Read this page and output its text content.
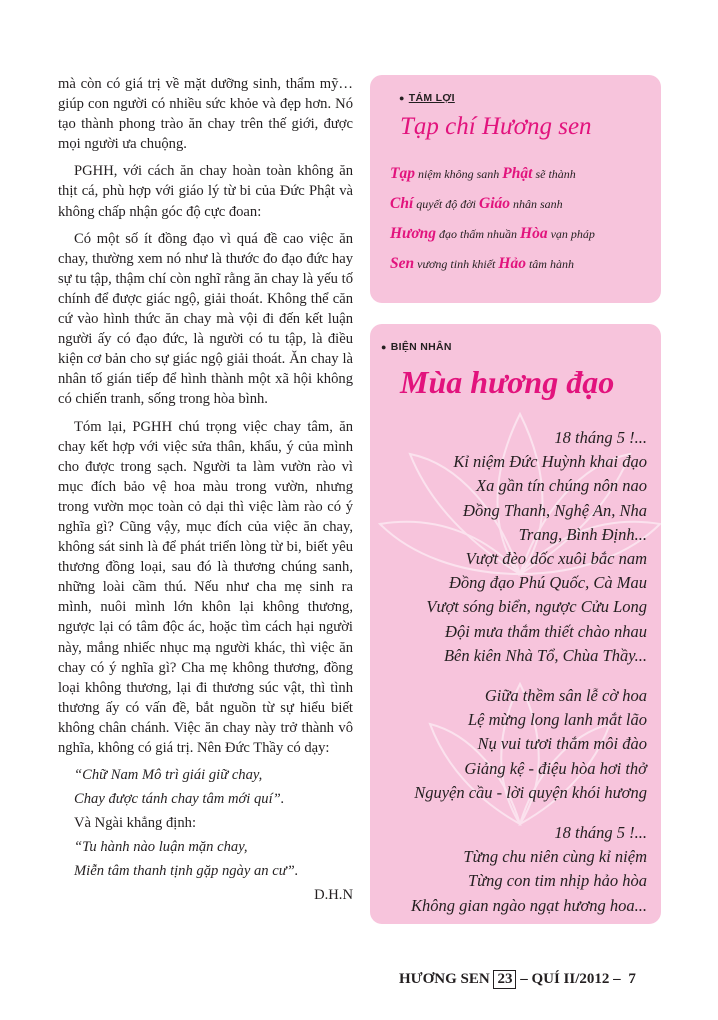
mà còn có giá trị về mặt dưỡng sinh, thẩm mỹ… giúp con người có nhiều sức khỏe và đẹp hơn. Nó tạo thành phong trào ăn chay trên thế giới, được mọi người ưa chuộng.

PGHH, với cách ăn chay hoàn toàn không ăn thịt cá, phù hợp với giáo lý từ bi của Đức Phật và không chấp nhận góc độ cực đoan:

Có một số ít đồng đạo vì quá đề cao việc ăn chay, thường xem nó như là thước đo đạo đức hay sự tu tập, thậm chí còn nghĩ rằng ăn chay là yếu tố chính để được giác ngộ, giải thoát. Không thể căn cứ vào hình thức ăn chay mà vội đi đến kết luận người ấy có đạo đức, là người có tu tập, là điều kiện cơ bản cho sự giác ngộ giải thoát. Ăn chay là nhân tố gián tiếp để hình thành một xã hội không có chiến tranh, sống trong hòa bình.

Tóm lại, PGHH chú trọng việc chay tâm, ăn chay kết hợp với việc sửa thân, khẩu, ý của mình cho được trong sạch. Người ta làm vườn rào vì mục đích bảo vệ hoa màu trong vườn, nhưng trong vườn mọc toàn cỏ dại thì việc làm rào có ý nghĩa gì? Cũng vậy, mục đích của việc ăn chay, không sát sinh là để phát triển lòng từ bi, biết yêu thương đồng loại, sau đó là thương chúng sanh, những loài cầm thú. Nếu như cha mẹ sinh ra mình, nuôi mình lớn khôn lại không thương, ngược lại có tâm độc ác, hoặc tìm cách hại người này, mắng nhiếc nhục mạ người khác, thì việc ăn chay có ý nghĩa gì? Cha mẹ không thương, đồng loại không thương, lại đi thương súc vật, thì tình thương ấy có vấn đề, bắt nguồn từ sự hiểu biết không chân chánh. Việc ăn chay này trở thành vô nghĩa, không có giá trị. Nên Đức Thầy có dạy:

“Chữ Nam Mô trì giái giữ chay,

Chay được tánh chay tâm mới quí”.

Và Ngài khẳng định:

“Tu hành nào luận mặn chay,

Miễn tâm thanh tịnh gặp ngày an cư”.

D.H.N

● TÁM LỢI
Tạp chí Hương sen
Tạp niệm không sanh Phật sẽ thành
Chí quyết độ đời Giáo nhân sanh
Hương đạo thấm nhuần Hòa vạn pháp
Sen vương tinh khiết Hảo tâm hành
● BIỆN NHÂN
Mùa hương đạo
18 tháng 5 !...
Kỉ niệm Đức Huỳnh khai đạo
Xa gần tín chúng nôn nao
Đồng Thanh, Nghệ An, Nha
Trang, Bình Định...
Vượt đèo dốc xuôi bắc nam
Đồng đạo Phú Quốc, Cà Mau
Vượt sóng biển, ngược Cửu Long
Đội mưa thắm thiết chào nhau
Bên kiên Nhà Tổ, Chùa Thầy...
Giữa thềm sân lễ cờ hoa
Lệ mừng long lanh mắt lão
Nụ vui tươi thắm môi đào
Giảng kệ - điệu hòa hơi thở
Nguyện cầu - lời quyện khói hương
18 tháng 5 !...
Từng chu niên cùng kỉ niệm
Từng con tim nhịp hảo hòa
Không gian ngào ngạt hương hoa...
HƯƠNG SEN 23 – QUÍ II/2012 – 7
